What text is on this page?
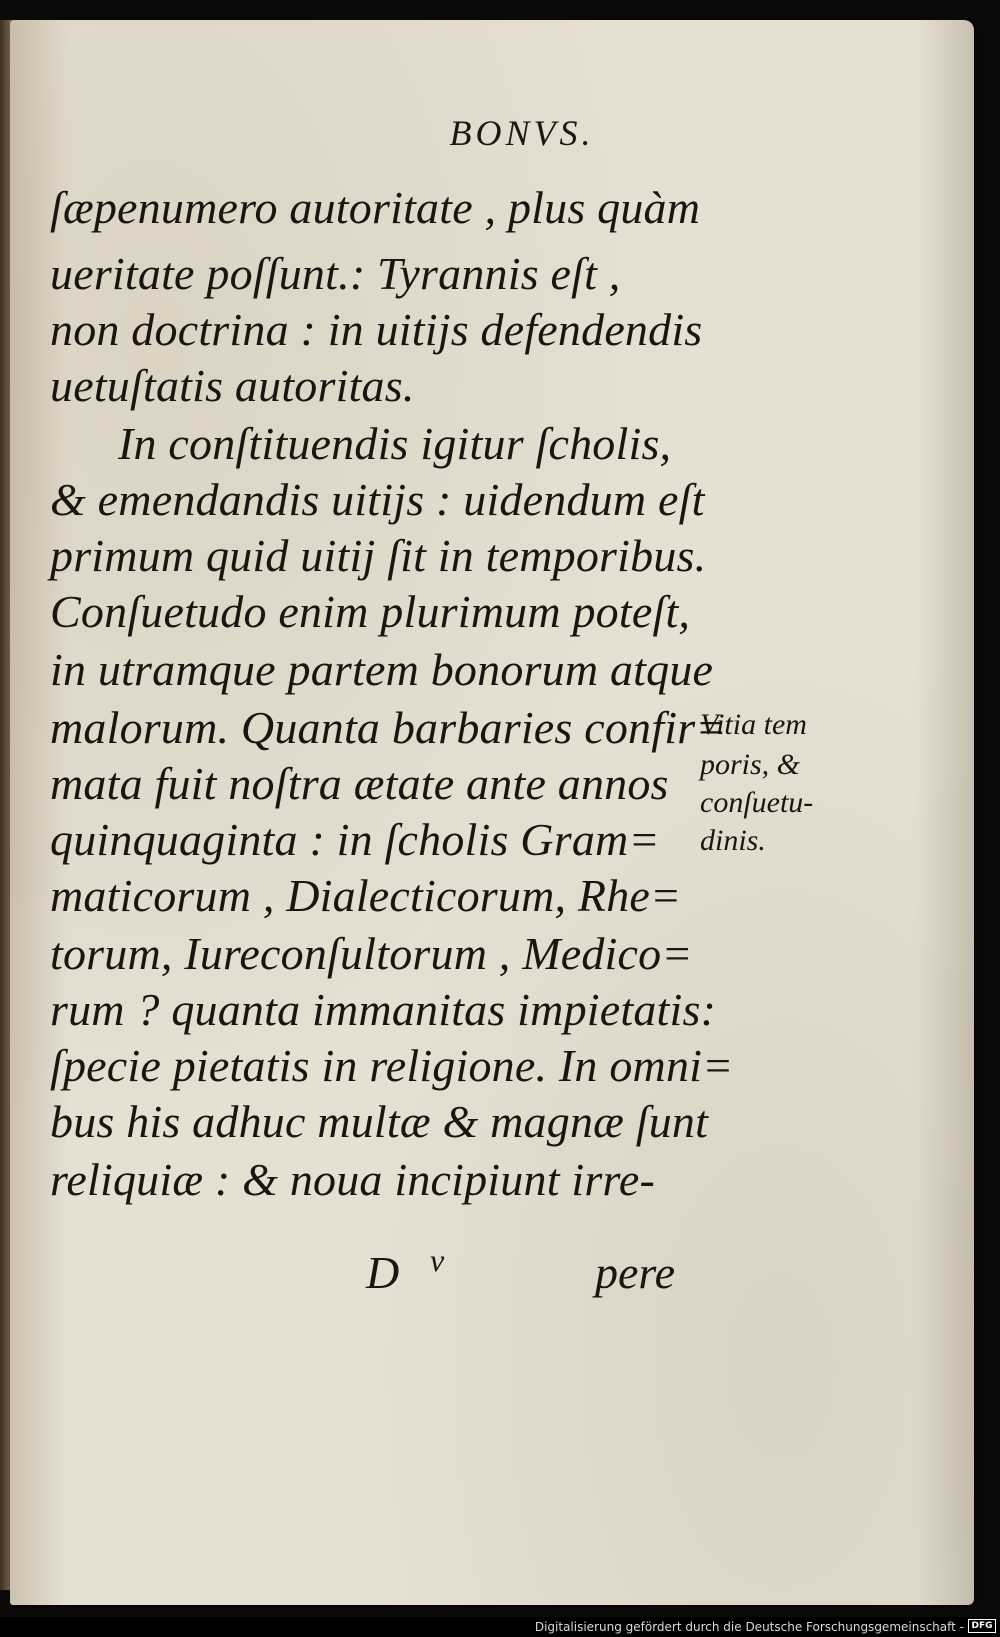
BONVS.
ſæpenumero autoritate , plus quàm
ueritate poſſunt.: Tyrannis eſt ,
non doctrina : in uitijs defendendis
uetuſtatis autoritas.
In conſtituendis igitur ſcholis,
& emendandis uitijs : uidendum eſt
primum quid uitij ſit in temporibus.
Conſuetudo enim plurimum poteſt,
in utramque partem bonorum atque
malorum. Quanta barbaries confir=
mata fuit noſtra ætate ante annos
quinquaginta : in ſcholis Gram=
maticorum , Dialecticorum, Rhe=
torum, Iureconſultorum , Medico=
rum ? quanta immanitas impietatis:
ſpecie pietatis in religione. In omni=
bus his adhuc multæ & magnæ ſunt
reliquiæ : & noua incipiunt irre-
Vitia tem
poris, &
conſuetu-
dinis.
D v	pere
Digitalisierung gefördert durch die Deutsche Forschungsgemeinschaft - DFG
